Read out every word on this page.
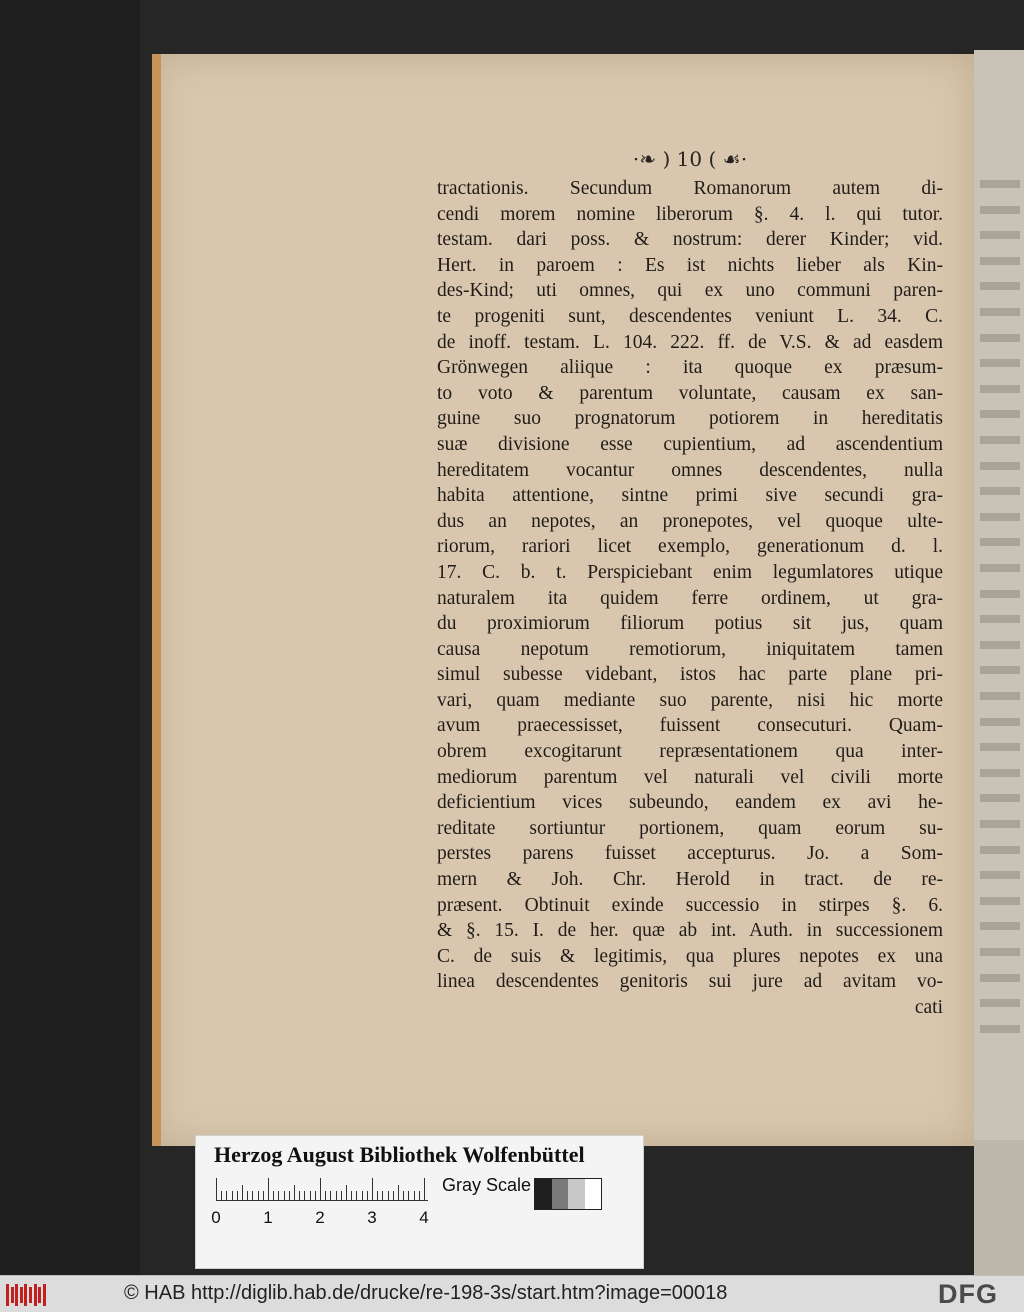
⋅❧ ) 10 ( ☙⋅
tractationis. Secundum Romanorum autem di-
cendi morem nomine liberorum §. 4. l. qui tutor.
testam. dari poss. & nostrum: derer Kinder; vid.
Hert. in paroem : Es ist nichts lieber als Kin-
des-Kind; uti omnes, qui ex uno communi paren-
te progeniti sunt, descendentes veniunt L. 34. C.
de inoff. testam. L. 104. 222. ff. de V.S. & ad easdem
Grönwegen aliique : ita quoque ex præsum-
to voto & parentum voluntate, causam ex san-
guine suo prognatorum potiorem in hereditatis
suæ divisione esse cupientium, ad ascendentium
hereditatem vocantur omnes descendentes, nulla
habita attentione, sintne primi sive secundi gra-
dus an nepotes, an pronepotes, vel quoque ulte-
riorum, rariori licet exemplo, generationum d. l.
17. C. b. t. Perspiciebant enim legumlatores utique
naturalem ita quidem ferre ordinem, ut gra-
du proximiorum filiorum potius sit jus, quam
causa nepotum remotiorum, iniquitatem tamen
simul subesse videbant, istos hac parte plane pri-
vari, quam mediante suo parente, nisi hic morte
avum praecessisset, fuissent consecuturi. Quam-
obrem excogitarunt repræsentationem qua inter-
mediorum parentum vel naturali vel civili morte
deficientium vices subeundo, eandem ex avi he-
reditate sortiuntur portionem, quam eorum su-
perstes parens fuisset accepturus. Jo. a Som-
mern & Joh. Chr. Herold in tract. de re-
præsent. Obtinuit exinde successio in stirpes §. 6.
& §. 15. I. de her. quæ ab int. Auth. in successionem
C. de suis & legitimis, qua plures nepotes ex una
linea descendentes genitoris sui jure ad avitam vo-
cati
Herzog August Bibliothek Wolfenbüttel
0	1	2	3	4
Gray Scale
© HAB http://diglib.hab.de/drucke/re-198-3s/start.htm?image=00018	DFG
